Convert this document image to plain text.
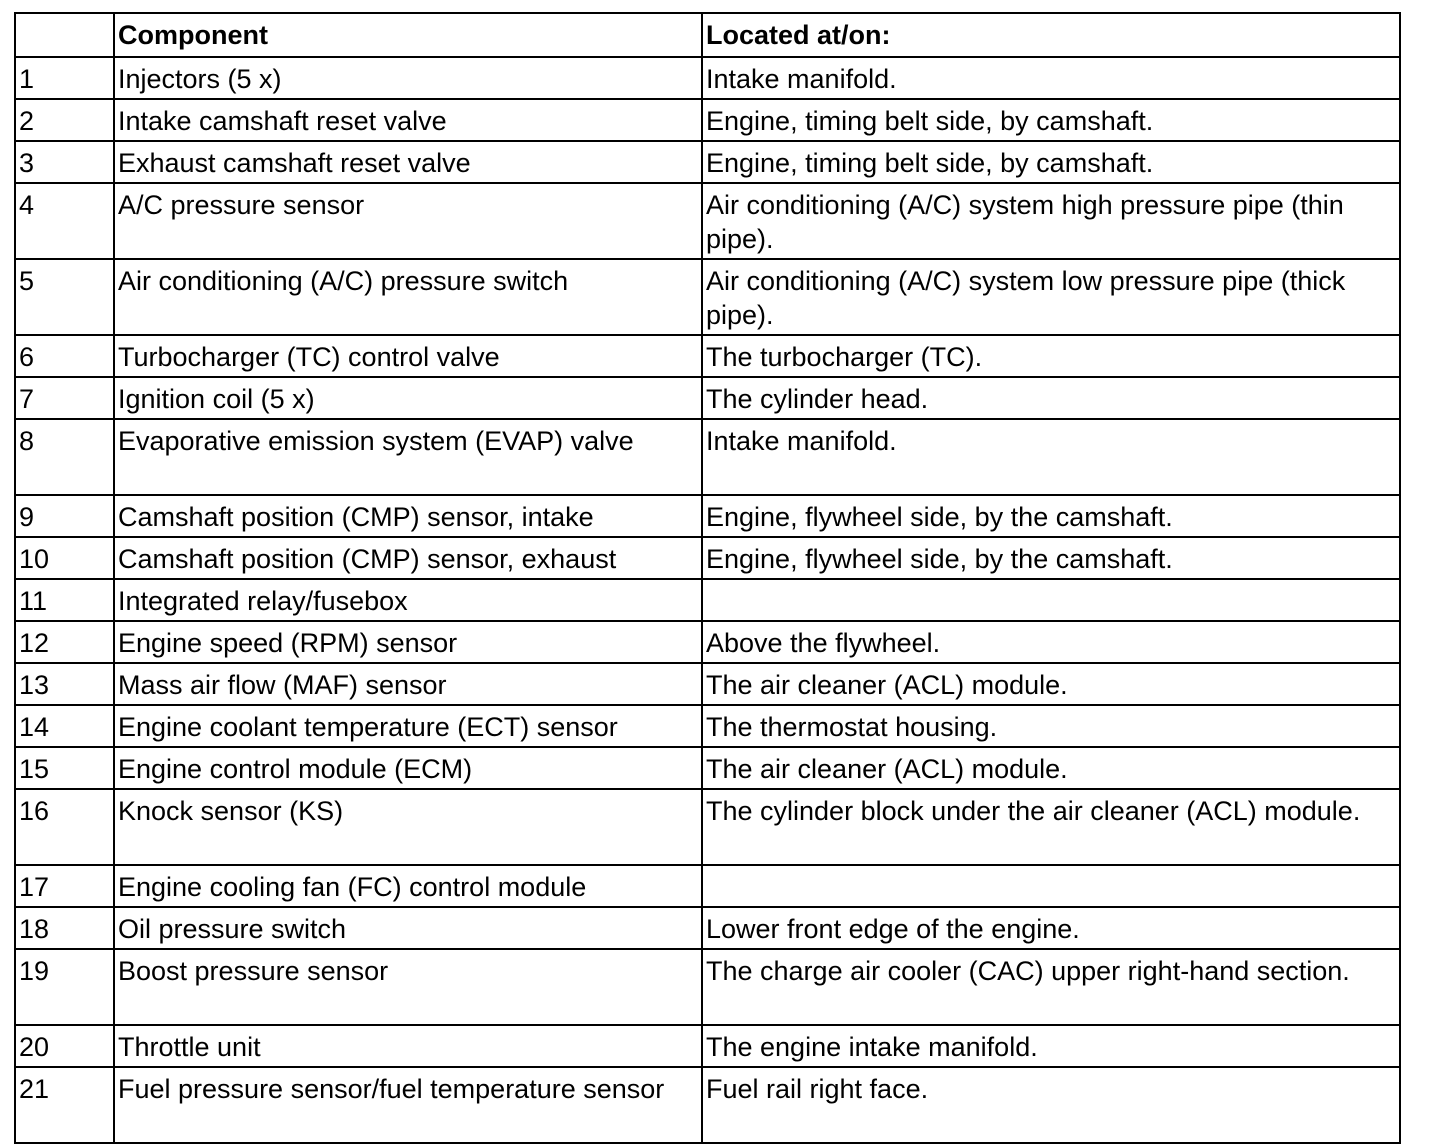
	Component	Located at/on:
1	Injectors (5 x)	Intake manifold.
2	Intake camshaft reset valve	Engine, timing belt side, by camshaft.
3	Exhaust camshaft reset valve	Engine, timing belt side, by camshaft.
4	A/C pressure sensor	Air conditioning (A/C) system high pressure pipe (thin pipe).
5	Air conditioning (A/C) pressure switch	Air conditioning (A/C) system low pressure pipe (thick pipe).
6	Turbocharger (TC) control valve	The turbocharger (TC).
7	Ignition coil (5 x)	The cylinder head.
8	Evaporative emission system (EVAP) valve	Intake manifold.
9	Camshaft position (CMP) sensor, intake	Engine, flywheel side, by the camshaft.
10	Camshaft position (CMP) sensor, exhaust	Engine, flywheel side, by the camshaft.
11	Integrated relay/fusebox	
12	Engine speed (RPM) sensor	Above the flywheel.
13	Mass air flow (MAF) sensor	The air cleaner (ACL) module.
14	Engine coolant temperature (ECT) sensor	The thermostat housing.
15	Engine control module (ECM)	The air cleaner (ACL) module.
16	Knock sensor (KS)	The cylinder block under the air cleaner (ACL) module.
17	Engine cooling fan (FC) control module	
18	Oil pressure switch	Lower front edge of the engine.
19	Boost pressure sensor	The charge air cooler (CAC) upper right-hand section.
20	Throttle unit	The engine intake manifold.
21	Fuel pressure sensor/fuel temperature sensor	Fuel rail right face.
